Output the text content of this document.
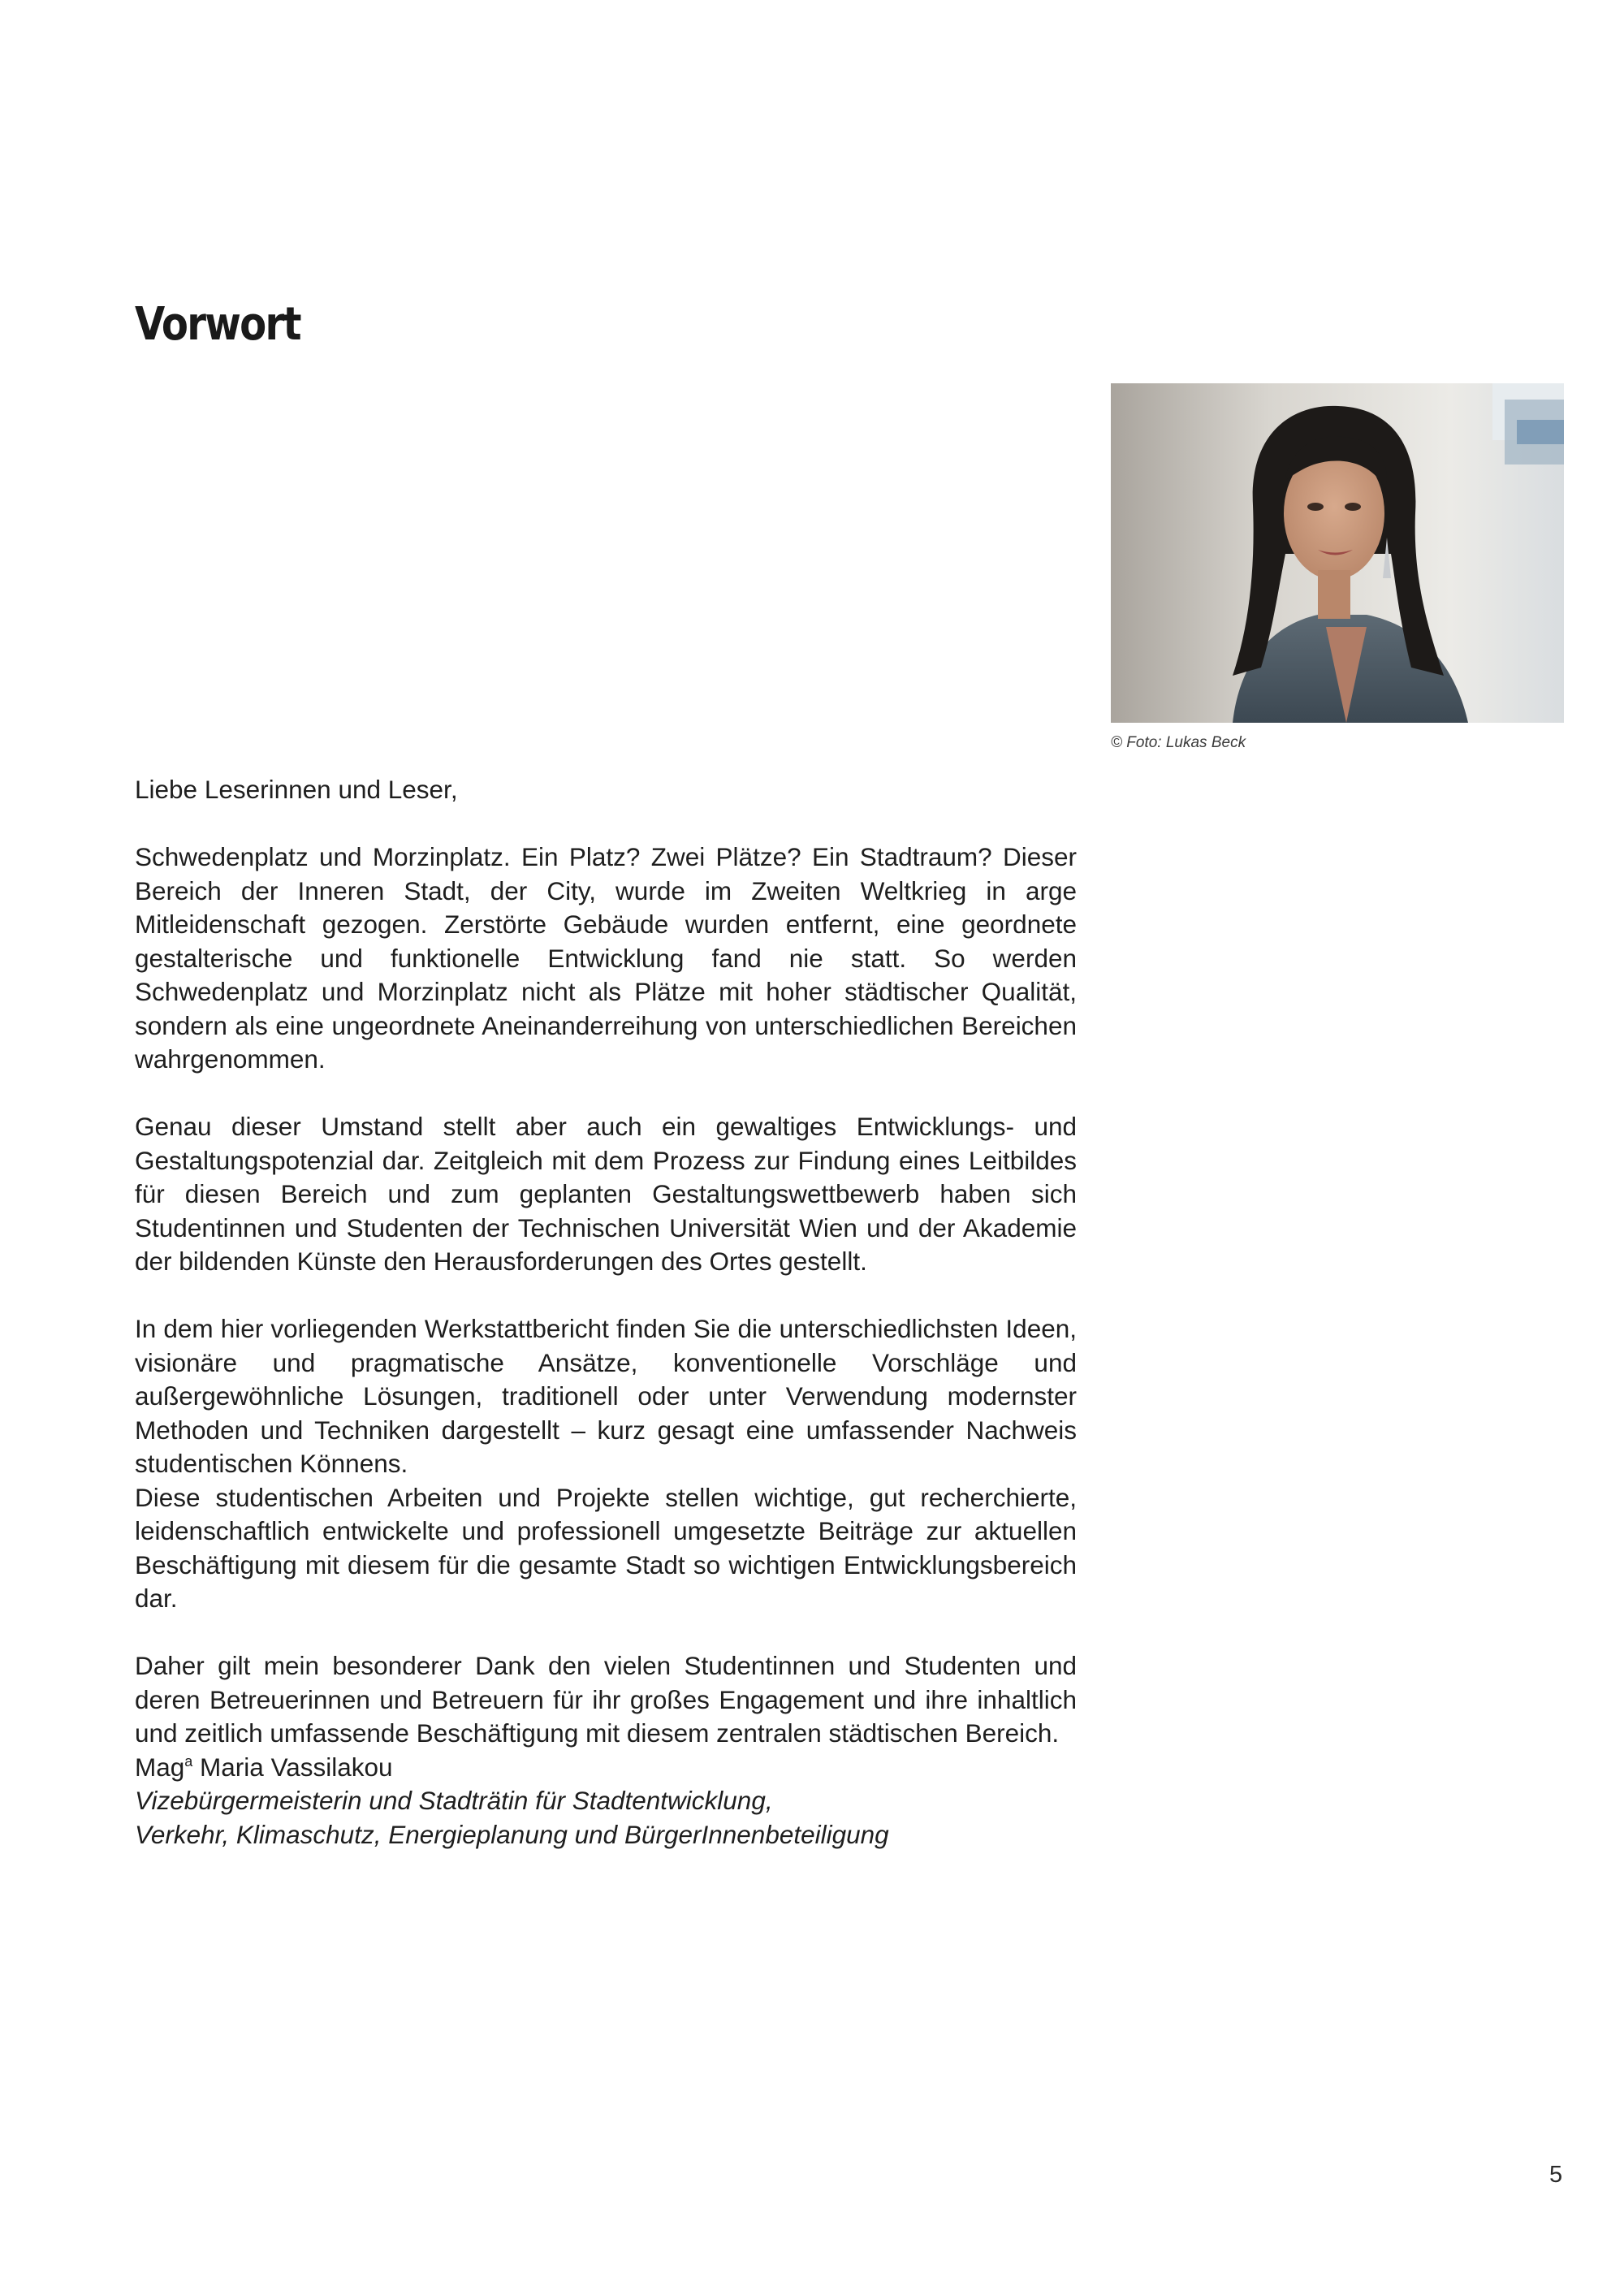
Vorwort
© Foto: Lukas Beck

Liebe Leserinnen und Leser,

Schwedenplatz und Morzinplatz. Ein Platz? Zwei Plätze? Ein Stadtraum? Dieser Bereich der Inneren Stadt, der City, wurde im Zweiten Weltkrieg in arge Mitleidenschaft gezogen. Zerstörte Gebäude wurden entfernt, eine geordnete gestalterische und funktionelle Entwicklung fand nie statt. So werden Schwedenplatz und Morzinplatz nicht als Plätze mit hoher städtischer Qualität, sondern als eine ungeordnete Aneinanderreihung von unterschiedlichen Bereichen wahrgenommen.

Genau dieser Umstand stellt aber auch ein gewaltiges Entwicklungs- und Gestaltungspotenzial dar. Zeitgleich mit dem Prozess zur Findung eines Leitbildes für diesen Bereich und zum geplanten Gestaltungswettbewerb haben sich Studentinnen und Studenten der Technischen Universität Wien und der Akademie der bildenden Künste den Herausforderungen des Ortes gestellt.

In dem hier vorliegenden Werkstattbericht finden Sie die unterschiedlichsten Ideen, visionäre und pragmatische Ansätze, konventionelle Vorschläge und außergewöhnliche Lösungen, traditionell oder unter Verwendung modernster Methoden und Techniken dargestellt – kurz gesagt eine umfassender Nachweis studentischen Könnens.

Diese studentischen Arbeiten und Projekte stellen wichtige, gut recherchierte, leidenschaftlich entwickelte und professionell umgesetzte Beiträge zur aktuellen Beschäftigung mit diesem für die gesamte Stadt so wichtigen Entwicklungsbereich dar.

Daher gilt mein besonderer Dank den vielen Studentinnen und Studenten und deren Betreuerinnen und Betreuern für ihr großes Engagement und ihre inhaltlich und zeitlich umfassende Beschäftigung mit diesem zentralen städtischen Bereich.

Mag$^a$ Maria Vassilakou

Vizebürgermeisterin und Stadträtin für Stadtentwicklung,
Verkehr, Klimaschutz, Energieplanung und BürgerInnenbeteiligung

5
